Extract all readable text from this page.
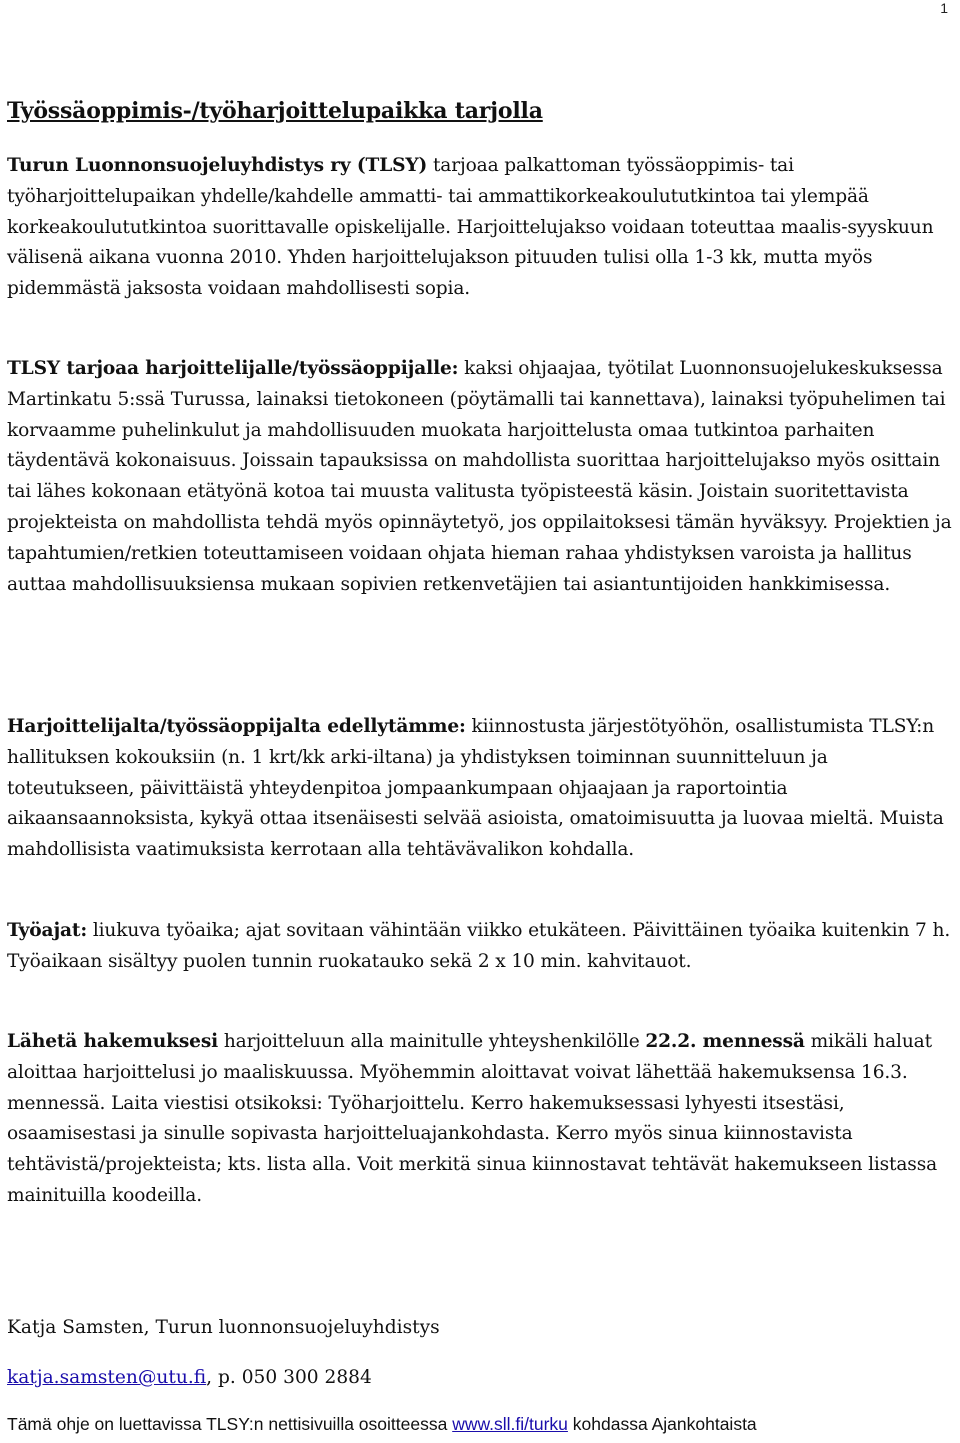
1
Työssäoppimis-/työharjoittelupaikka tarjolla

Turun Luonnonsuojeluyhdistys ry (TLSY) tarjoaa palkattoman työssäoppimis- tai työharjoittelupaikan yhdelle/kahdelle ammatti- tai ammattikorkeakoulututkintoa tai ylempää korkeakoulututkintoa suorittavalle opiskelijalle. Harjoittelujakso voidaan toteuttaa maalis-syyskuun välisenä aikana vuonna 2010. Yhden harjoittelujakson pituuden tulisi olla 1-3 kk, mutta myös pidemmästä jaksosta voidaan mahdollisesti sopia.

TLSY tarjoaa harjoittelijalle/työssäoppijalle: kaksi ohjaajaa, työtilat Luonnonsuojelukeskuksessa Martinkatu 5:ssä Turussa, lainaksi tietokoneen (pöytämalli tai kannettava), lainaksi työpuhelimen tai korvaamme puhelinkulut ja mahdollisuuden muokata harjoittelusta omaa tutkintoa parhaiten täydentävä kokonaisuus. Joissain tapauksissa on mahdollista suorittaa harjoittelujakso myös osittain tai lähes kokonaan etätyönä kotoa tai muusta valitusta työpisteestä käsin. Joistain suoritettavista projekteista on mahdollista tehdä myös opinnäytetyö, jos oppilaitoksesi tämän hyväksyy. Projektien ja tapahtumien/retkien toteuttamiseen voidaan ohjata hieman rahaa yhdistyksen varoista ja hallitus auttaa mahdollisuuksiensa mukaan sopivien retkenvetäjien tai asiantuntijoiden hankkimisessa.

Harjoittelijalta/työssäoppijalta edellytämme: kiinnostusta järjestötyöhön, osallistumista TLSY:n hallituksen kokouksiin (n. 1 krt/kk arki-iltana) ja yhdistyksen toiminnan suunnitteluun ja toteutukseen, päivittäistä yhteydenpitoa jompaankumpaan ohjaajaan ja raportointia aikaansaannoksista, kykyä ottaa itsenäisesti selvää asioista, omatoimisuutta ja luovaa mieltä. Muista mahdollisista vaatimuksista kerrotaan alla tehtävävalikon kohdalla.

Työajat: liukuva työaika; ajat sovitaan vähintään viikko etukäteen. Päivittäinen työaika kuitenkin 7 h. Työaikaan sisältyy puolen tunnin ruokatauko sekä 2 x 10 min. kahvitauot.

Lähetä hakemuksesi harjoitteluun alla mainitulle yhteyshenkilölle 22.2. mennessä mikäli haluat aloittaa harjoittelusi jo maaliskuussa. Myöhemmin aloittavat voivat lähettää hakemuksensa 16.3. mennessä. Laita viestisi otsikoksi: Työharjoittelu. Kerro hakemuksessasi lyhyesti itsestäsi, osaamisestasi ja sinulle sopivasta harjoitteluajankohdasta. Kerro myös sinua kiinnostavista tehtävistä/projekteista; kts. lista alla. Voit merkitä sinua kiinnostavat tehtävät hakemukseen listassa mainituilla koodeilla.

Katja Samsten, Turun luonnonsuojeluyhdistys

katja.samsten@utu.fi, p. 050 300 2884

Tämä ohje on luettavissa TLSY:n nettisivuilla osoitteessa www.sll.fi/turku kohdassa Ajankohtaista
